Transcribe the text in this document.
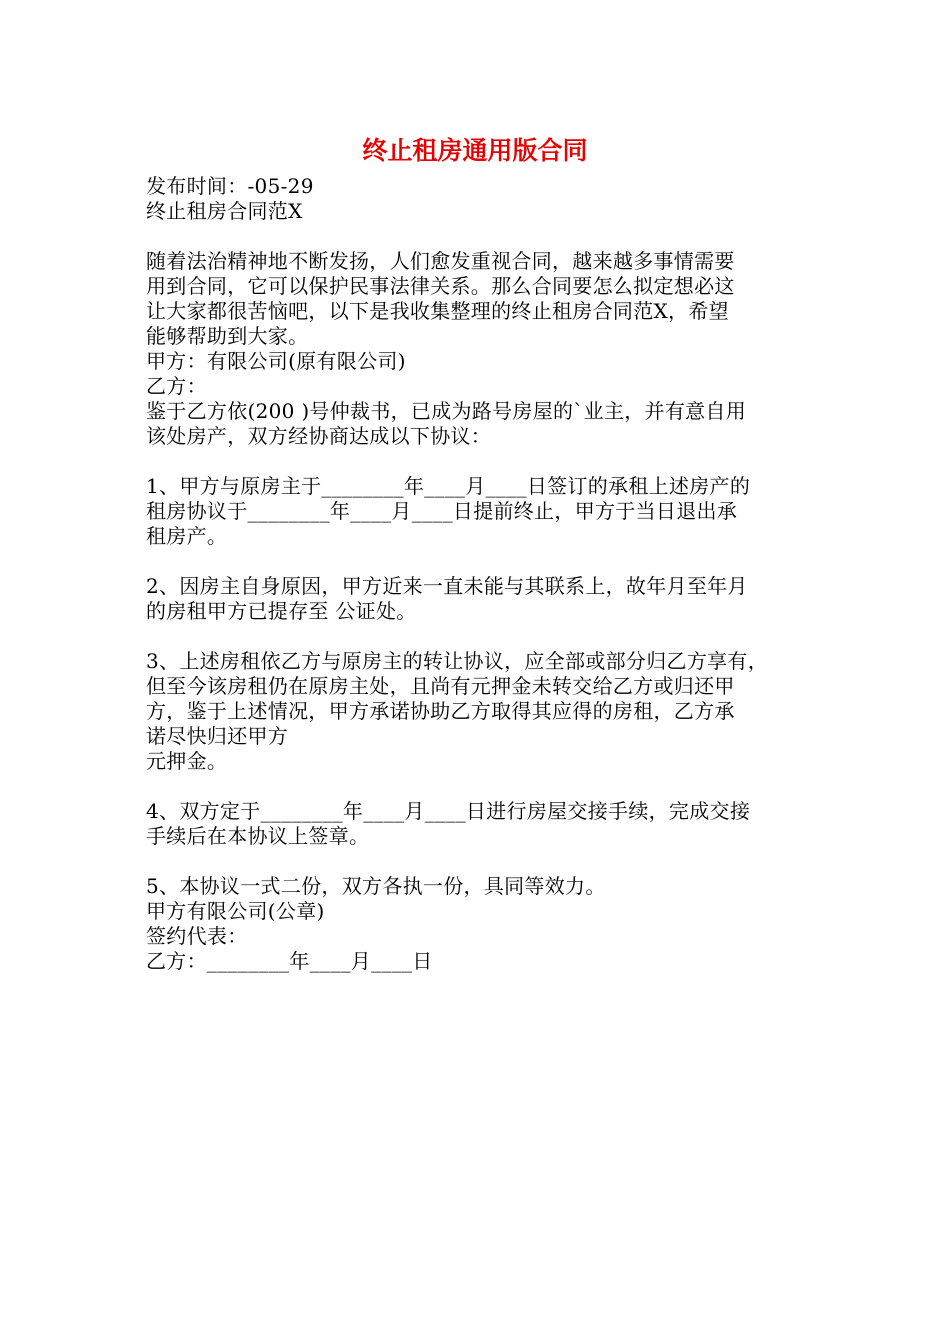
终止租房通用版合同
发布时间：-05-29
终止租房合同范X
随着法治精神地不断发扬，人们愈发重视合同，越来越多事情需要
用到合同，它可以保护民事法律关系。那么合同要怎么拟定想必这
让大家都很苦恼吧，以下是我收集整理的终止租房合同范X，希望
能够帮助到大家。
甲方：有限公司(原有限公司)
乙方：
鉴于乙方依(200 )号仲裁书，已成为路号房屋的`业主，并有意自用
该处房产，双方经协商达成以下协议：
1、甲方与原房主于________年____月____日签订的承租上述房产的
租房协议于________年____月____日提前终止，甲方于当日退出承
租房产。
2、因房主自身原因，甲方近来一直未能与其联系上，故年月至年月
的房租甲方已提存至 公证处。
3、上述房租依乙方与原房主的转让协议，应全部或部分归乙方享有，
但至今该房租仍在原房主处，且尚有元押金未转交给乙方或归还甲
方，鉴于上述情况，甲方承诺协助乙方取得其应得的房租，乙方承
诺尽快归还甲方
元押金。
4、双方定于________年____月____日进行房屋交接手续，完成交接
手续后在本协议上签章。
5、本协议一式二份，双方各执一份，具同等效力。
甲方有限公司(公章)
签约代表：
乙方：________年____月____日
